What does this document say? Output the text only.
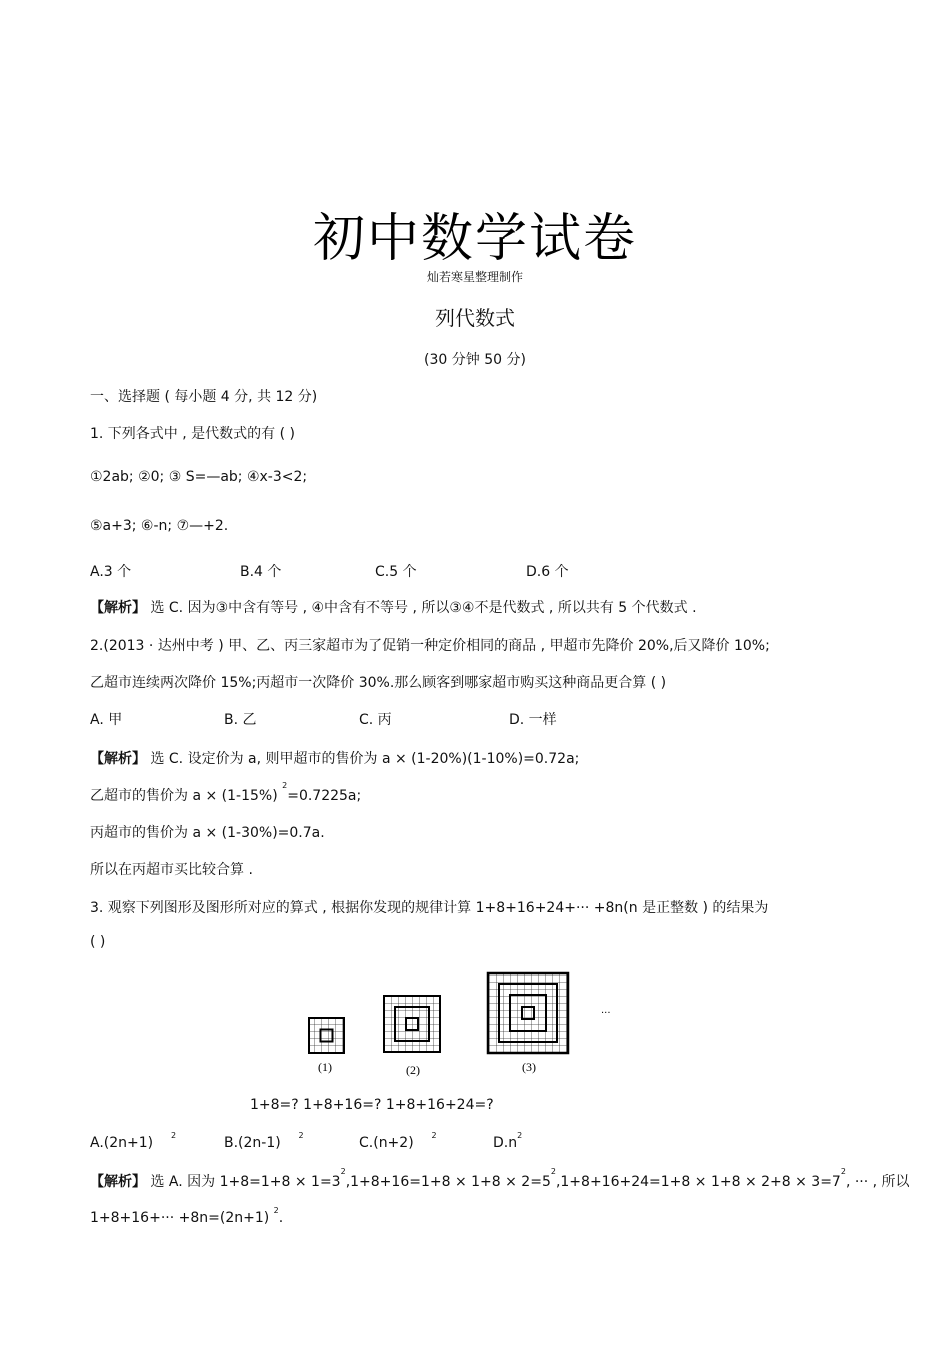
初中数学试卷
灿若寒星整理制作
列代数式
(30 分钟 50 分)
一、选择题 ( 每小题 4 分, 共 12 分)
1. 下列各式中 , 是代数式的有 ( )
①2ab; ②0; ③ S=—ab; ④x-3<2;
⑤a+3; ⑥-n; ⑦—+2.
A.3 个	B.4 个	C.5 个	D.6 个
【解析】 选 C. 因为③中含有等号 , ④中含有不等号 , 所以③④不是代数式 , 所以共有 5 个代数式 .
2.(2013 · 达州中考 ) 甲、乙、丙三家超市为了促销一种定价相同的商品 , 甲超市先降价 20%,后又降价 10%;
乙超市连续两次降价 15%;丙超市一次降价 30%.那么顾客到哪家超市购买这种商品更合算 ( )
A. 甲	B. 乙	C. 丙	D. 一样
【解析】 选 C. 设定价为 a, 则甲超市的售价为 a × (1-20%)(1-10%)=0.72a;
乙超市的售价为 a × (1-15%) $^2$=0.7225a;
丙超市的售价为 a × (1-30%)=0.7a.
所以在丙超市买比较合算 .
3. 观察下列图形及图形所对应的算式 , 根据你发现的规律计算 1+8+16+24+··· +8n(n 是正整数 ) 的结果为
( )
(1)	(2)	(3)
···
1+8=? 1+8+16=? 1+8+16+24=?
A.(2n+1) $^2$	B.(2n-1) $^2$	C.(n+2) $^2$	$D.n^2$
【解析】 选 A. 因为 $1+8=1+8 \times 1=3^2,1+8+16=1+8 \times 1+8 \times 2=5^2,1+8+16+24=1+8 \times 1+8 \times 2+8 \times 3=7^2$, ··· , 所以
1+8+16+··· +8n=(2n+1) $^2$.
